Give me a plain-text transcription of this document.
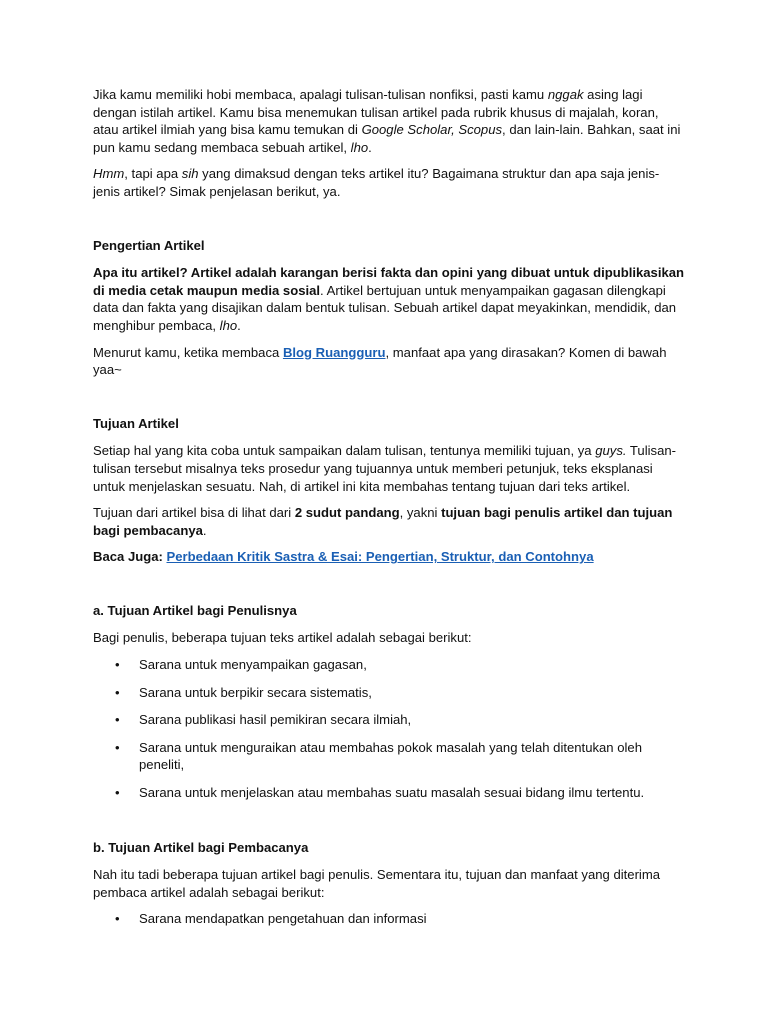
Jika kamu memiliki hobi membaca, apalagi tulisan-tulisan nonfiksi, pasti kamu nggak asing lagi dengan istilah artikel. Kamu bisa menemukan tulisan artikel pada rubrik khusus di majalah, koran, atau artikel ilmiah yang bisa kamu temukan di Google Scholar, Scopus, dan lain-lain. Bahkan, saat ini pun kamu sedang membaca sebuah artikel, lho.

Hmm, tapi apa sih yang dimaksud dengan teks artikel itu? Bagaimana struktur dan apa saja jenis-jenis artikel? Simak penjelasan berikut, ya.

Pengertian Artikel

Apa itu artikel? Artikel adalah karangan berisi fakta dan opini yang dibuat untuk dipublikasikan di media cetak maupun media sosial. Artikel bertujuan untuk menyampaikan gagasan dilengkapi data dan fakta yang disajikan dalam bentuk tulisan. Sebuah artikel dapat meyakinkan, mendidik, dan menghibur pembaca, lho.

Menurut kamu, ketika membaca Blog Ruangguru, manfaat apa yang dirasakan? Komen di bawah yaa~

Tujuan Artikel

Setiap hal yang kita coba untuk sampaikan dalam tulisan, tentunya memiliki tujuan, ya guys. Tulisan-tulisan tersebut misalnya teks prosedur yang tujuannya untuk memberi petunjuk, teks eksplanasi untuk menjelaskan sesuatu. Nah, di artikel ini kita membahas tentang tujuan dari teks artikel.

Tujuan dari artikel bisa di lihat dari 2 sudut pandang, yakni tujuan bagi penulis artikel dan tujuan bagi pembacanya.

Baca Juga: Perbedaan Kritik Sastra & Esai: Pengertian, Struktur, dan Contohnya

a. Tujuan Artikel bagi Penulisnya

Bagi penulis, beberapa tujuan teks artikel adalah sebagai berikut:

• Sarana untuk menyampaikan gagasan,
• Sarana untuk berpikir secara sistematis,
• Sarana publikasi hasil pemikiran secara ilmiah,
• Sarana untuk menguraikan atau membahas pokok masalah yang telah ditentukan oleh peneliti,
• Sarana untuk menjelaskan atau membahas suatu masalah sesuai bidang ilmu tertentu.

b. Tujuan Artikel bagi Pembacanya

Nah itu tadi beberapa tujuan artikel bagi penulis. Sementara itu, tujuan dan manfaat yang diterima pembaca artikel adalah sebagai berikut:

• Sarana mendapatkan pengetahuan dan informasi
